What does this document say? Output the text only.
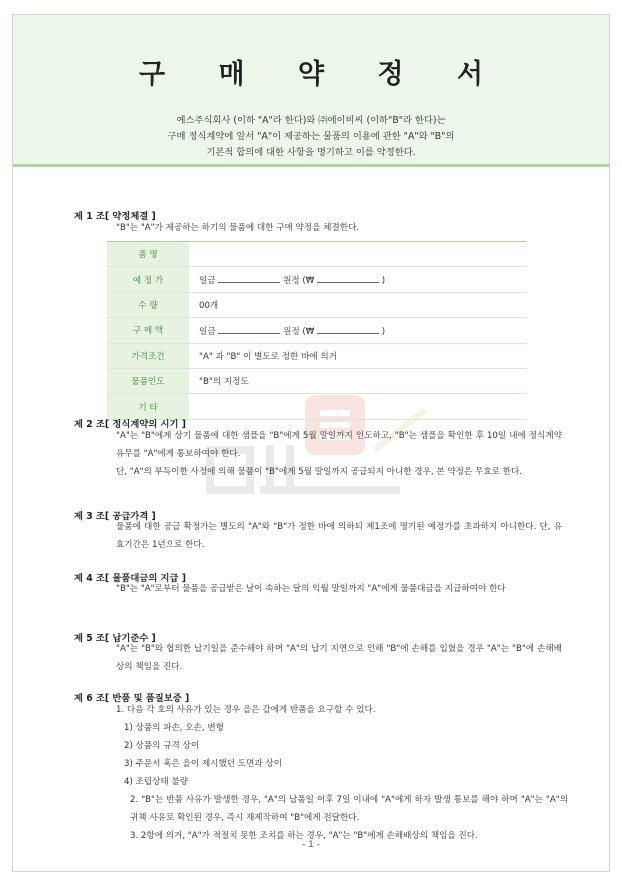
구 매 약 정 서
예스주식회사 (이하 "A"라 한다)와 ㈜에이비씨 (이하"B"라 한다)는
구매 정식계약에 앞서 "A"이 제공하는 물품의 이용에 관한 "A"와 "B"의
기본적 합의에 대한 사항을 명기하고 이를 약정한다.
제 1 조[ 약정체결 ]
"B"는 "A"가 제공하는 하기의 물품에 대한 구매 약정을 체결한다.
품 명	
예 정 가	일금 원정 (₩ )
수 량	00개
구 매 액	일금 원정 (₩ )
가격조건	"A" 과 "B" 이 별도로 정한 바에 의거
물품인도	"B"의 지정도
기 타	
제 2 조[ 정식계약의 시기 ]
"A"는 "B"에게 상기 물품에 대한 샘플을 "B"에게 5월 말일까지 인도하고, "B"는 샘플을 확인한 후 10일 내에 정식계약유무를 "A"에게 통보하여야 한다.
단, "A"의 부득이한 사정에 의해 물품이 "B"에게 5월 말일까지 공급되지 아니한 경우, 본 약정은 무효로 한다.
제 3 조[ 공급가격 ]
물품에 대한 공급 확정가는 별도의 "A"와 "B"가 정한 바에 의하되 제1조에 명기된 예정가를 초과하지 아니한다. 단, 유효기간은 1년으로 한다.
제 4 조[ 물품대금의 지급 ]
"B"는 "A"로부터 물품을 공급받은 날이 속하는 달의 익월 말일까지 "A"에게 물품대금을 지급하여야 한다
제 5 조[ 납기준수 ]
"A"는 "B"와 협의한 납기일을 준수해야 하며 "A"의 납기 지연으로 인해 "B"에 손해를 입혔을 경우 "A"는 "B"에 손해배상의 책임을 진다.
제 6 조[ 반품 및 품질보증 ]
1. 다음 각 호의 사유가 있는 경우 을은 갑에게 반품을 요구할 수 있다.
1) 상품의 파손, 오손, 변형
2) 상품의 규격 상이
3) 주문서 혹은 을이 제시했던 도면과 상이
4) 조립상태 불량
2. "B"는 반품 사유가 발생한 경우, "A"의 납품일 이후 7일 이내에 "A"에게 하자 발생 통보를 해야 하며 "A"는 "A"의 귀책 사유로 확인된 경우, 즉시 재제작하여 "B"에게 전달한다.
3. 2항에 의거, "A"가 적절치 못한 조치를 하는 경우, "A"는 "B"에게 손해배상의 책임을 진다.
- 1 -
